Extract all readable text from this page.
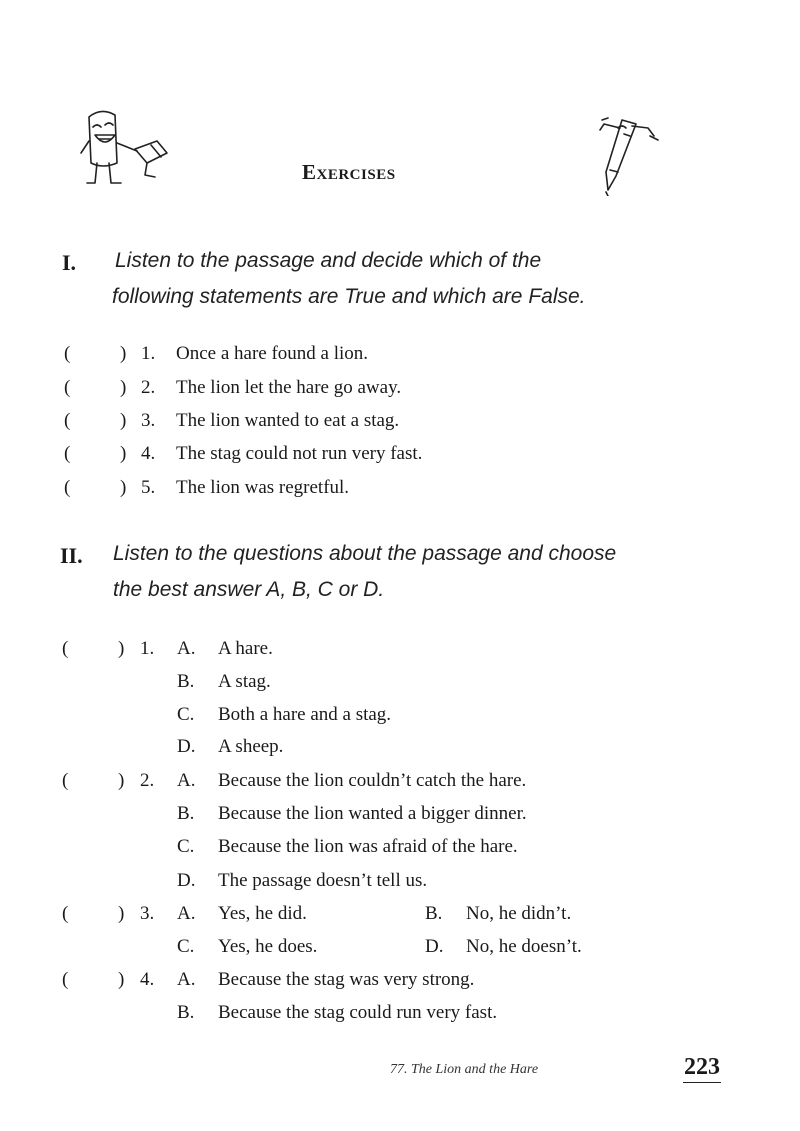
Exercises
I. Listen to the passage and decide which of the
following statements are True and which are False.
(	) 1. Once a hare found a lion.
(	) 2. The lion let the hare go away.
(	) 3. The lion wanted to eat a stag.
(	) 4. The stag could not run very fast.
(	) 5. The lion was regretful.
II. Listen to the questions about the passage and choose
the best answer A, B, C or D.
(	) 1. A. A hare.
B. A stag.
C. Both a hare and a stag.
D. A sheep.
(	) 2. A. Because the lion couldn’t catch the hare.
B. Because the lion wanted a bigger dinner.
C. Because the lion was afraid of the hare.
D. The passage doesn’t tell us.
(	) 3. A. Yes, he did.	B. No, he didn’t.
C. Yes, he does.	D. No, he doesn’t.
(	) 4. A. Because the stag was very strong.
B. Because the stag could run very fast.
77. The Lion and the Hare	223
